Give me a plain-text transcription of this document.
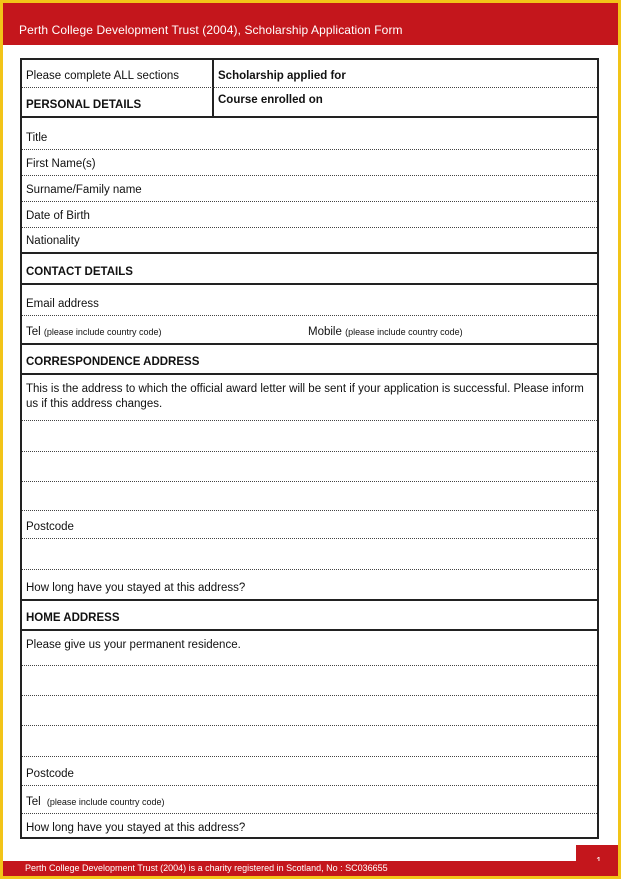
Perth College Development Trust (2004), Scholarship Application Form
Please complete ALL sections	Scholarship applied for
PERSONAL DETAILS	Course enrolled on
Title
First Name(s)
Surname/Family name
Date of Birth
Nationality
CONTACT DETAILS
Email address
Tel (please include country code)	Mobile (please include country code)
CORRESPONDENCE ADDRESS
This is the address to which the official award letter will be sent if your application is successful. Please inform us if this address changes.
Postcode
How long have you stayed at this address?
HOME ADDRESS
Please give us your permanent residence.
Postcode
Tel (please include country code)
How long have you stayed at this address?
Perth College Development Trust (2004) is a charity registered in Scotland, No : SC036655
